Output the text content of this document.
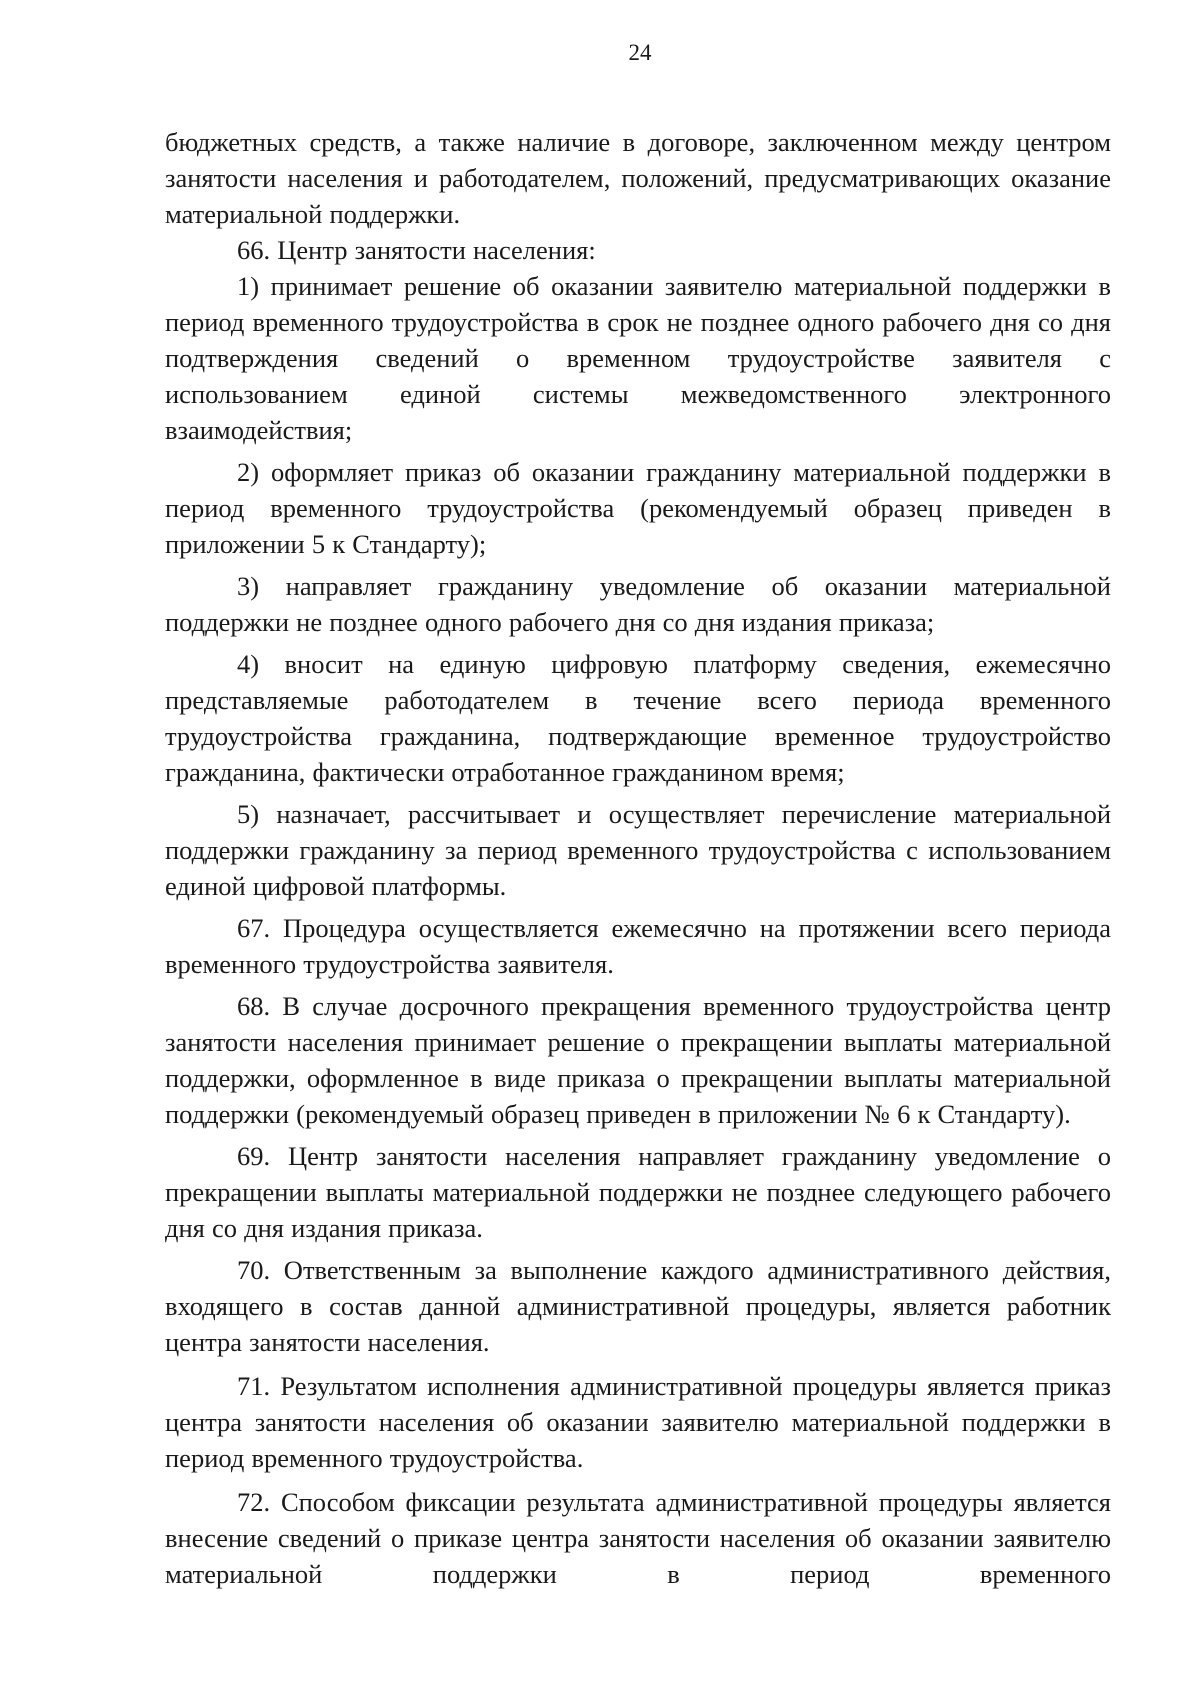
24

бюджетных средств, а также наличие в договоре, заключенном между центром занятости населения и работодателем, положений, предусматривающих оказание материальной поддержки.

66. Центр занятости населения:

1) принимает решение об оказании заявителю материальной поддержки в период временного трудоустройства в срок не позднее одного рабочего дня со дня подтверждения сведений о временном трудоустройстве заявителя с использованием единой системы межведомственного электронного взаимодействия;

2) оформляет приказ об оказании гражданину материальной поддержки в период временного трудоустройства (рекомендуемый образец приведен в приложении 5 к Стандарту);

3) направляет гражданину уведомление об оказании материальной поддержки не позднее одного рабочего дня со дня издания приказа;

4) вносит на единую цифровую платформу сведения, ежемесячно представляемые работодателем в течение всего периода временного трудоустройства гражданина, подтверждающие временное трудоустройство гражданина, фактически отработанное гражданином время;

5) назначает, рассчитывает и осуществляет перечисление материальной поддержки гражданину за период временного трудоустройства с использованием единой цифровой платформы.

67. Процедура осуществляется ежемесячно на протяжении всего периода временного трудоустройства заявителя.

68. В случае досрочного прекращения временного трудоустройства центр занятости населения принимает решение о прекращении выплаты материальной поддержки, оформленное в виде приказа о прекращении выплаты материальной поддержки (рекомендуемый образец приведен в приложении № 6 к Стандарту).

69. Центр занятости населения направляет гражданину уведомление о прекращении выплаты материальной поддержки не позднее следующего рабочего дня со дня издания приказа.

70. Ответственным за выполнение каждого административного действия, входящего в состав данной административной процедуры, является работник центра занятости населения.

71. Результатом исполнения административной процедуры является приказ центра занятости населения об оказании заявителю материальной поддержки в период временного трудоустройства.

72. Способом фиксации результата административной процедуры является внесение сведений о приказе центра занятости населения об оказании заявителю материальной поддержки в период временного
